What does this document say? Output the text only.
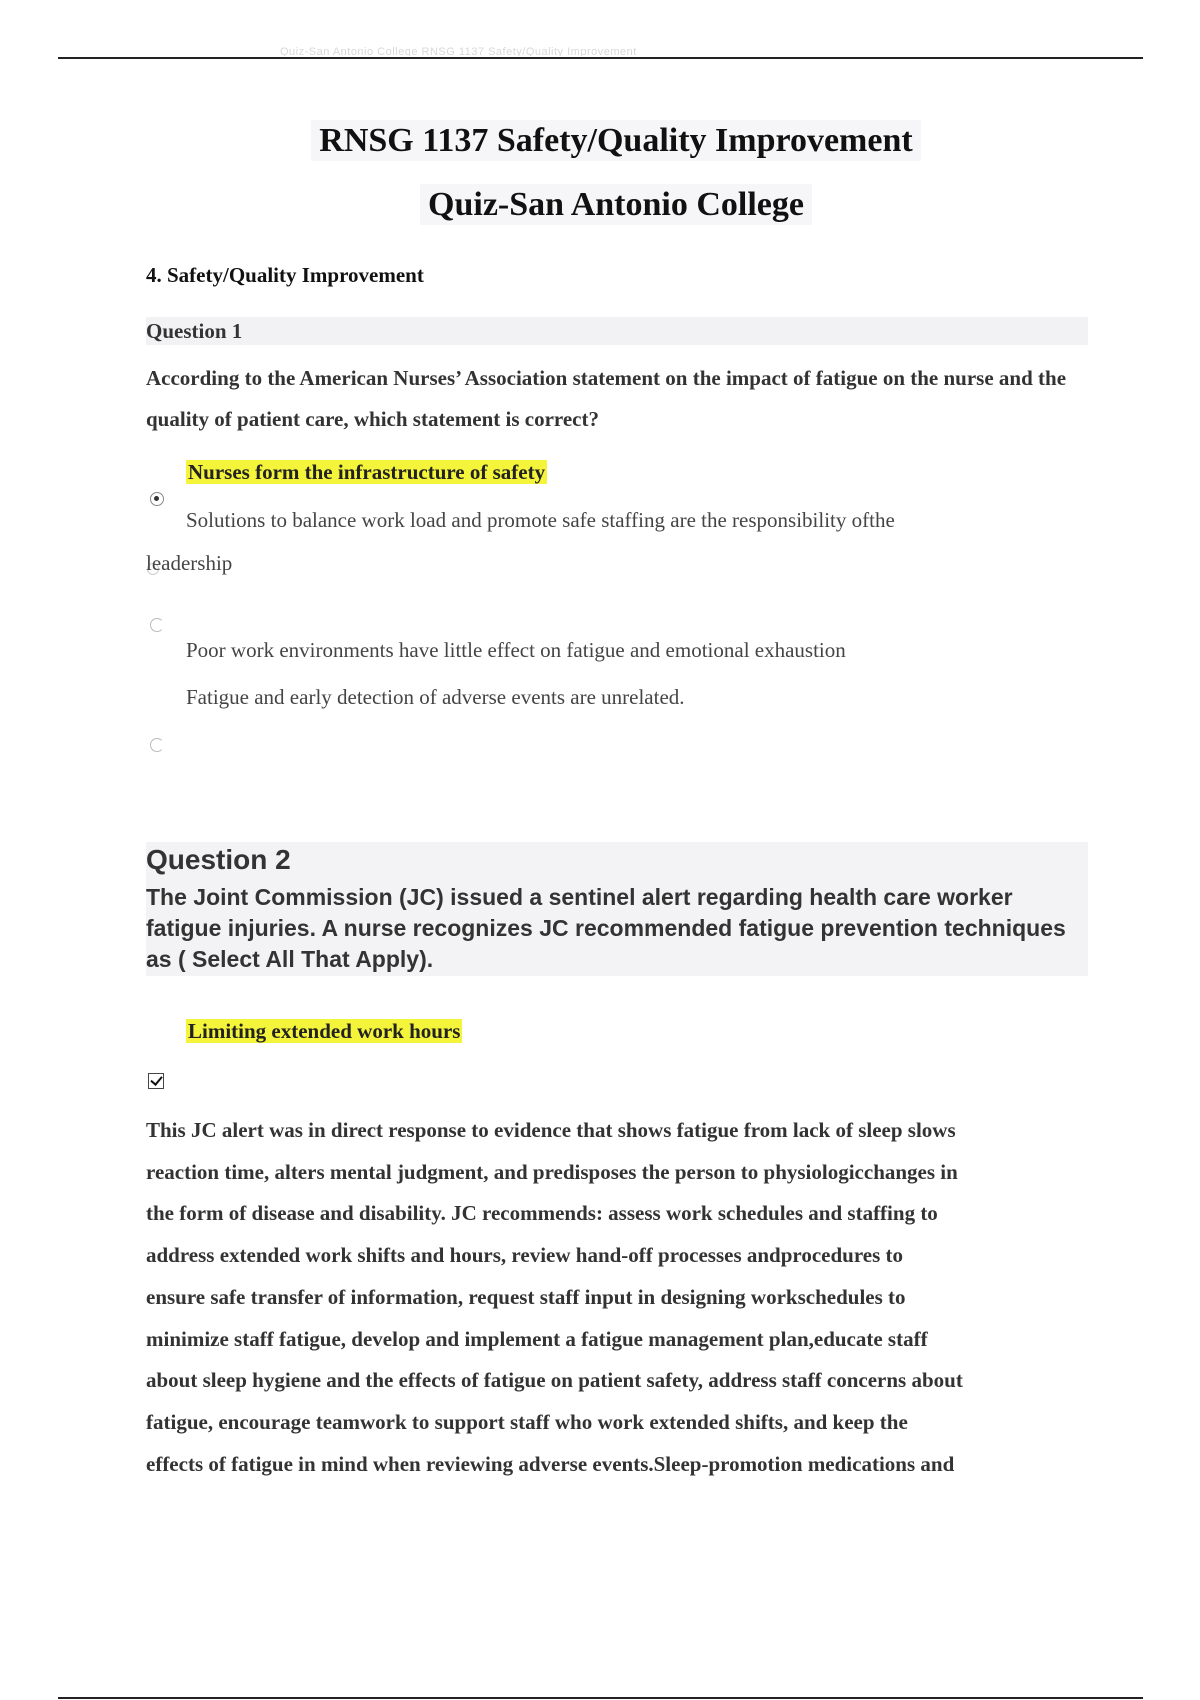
Quiz-San Antonio College RNSG 1137 Safety/Quality Improvement
RNSG 1137 Safety/Quality Improvement
Quiz-San Antonio College
4. Safety/Quality Improvement
Question 1
According to the American Nurses’ Association statement on the impact of fatigue on the nurse and the quality of patient care, which statement is correct?
Nurses form the infrastructure of safety
Solutions to balance work load and promote safe staffing are the responsibility ofthe
leadership
Poor work environments have little effect on fatigue and emotional exhaustion
Fatigue and early detection of adverse events are unrelated.
Question 2
The Joint Commission (JC) issued a sentinel alert regarding health care worker fatigue injuries. A nurse recognizes JC recommended fatigue prevention techniques as ( Select All That Apply).
Limiting extended work hours
This JC alert was in direct response to evidence that shows fatigue from lack of sleep slows
reaction time, alters mental judgment, and predisposes the person to physiologicchanges in
the form of disease and disability. JC recommends: assess work schedules and staffing to
address extended work shifts and hours, review hand-off processes andprocedures to
ensure safe transfer of information, request staff input in designing workschedules to
minimize staff fatigue, develop and implement a fatigue management plan,educate staff
about sleep hygiene and the effects of fatigue on patient safety, address staff concerns about
fatigue, encourage teamwork to support staff who work extended shifts, and keep the
effects of fatigue in mind when reviewing adverse events.Sleep-promotion medications and
